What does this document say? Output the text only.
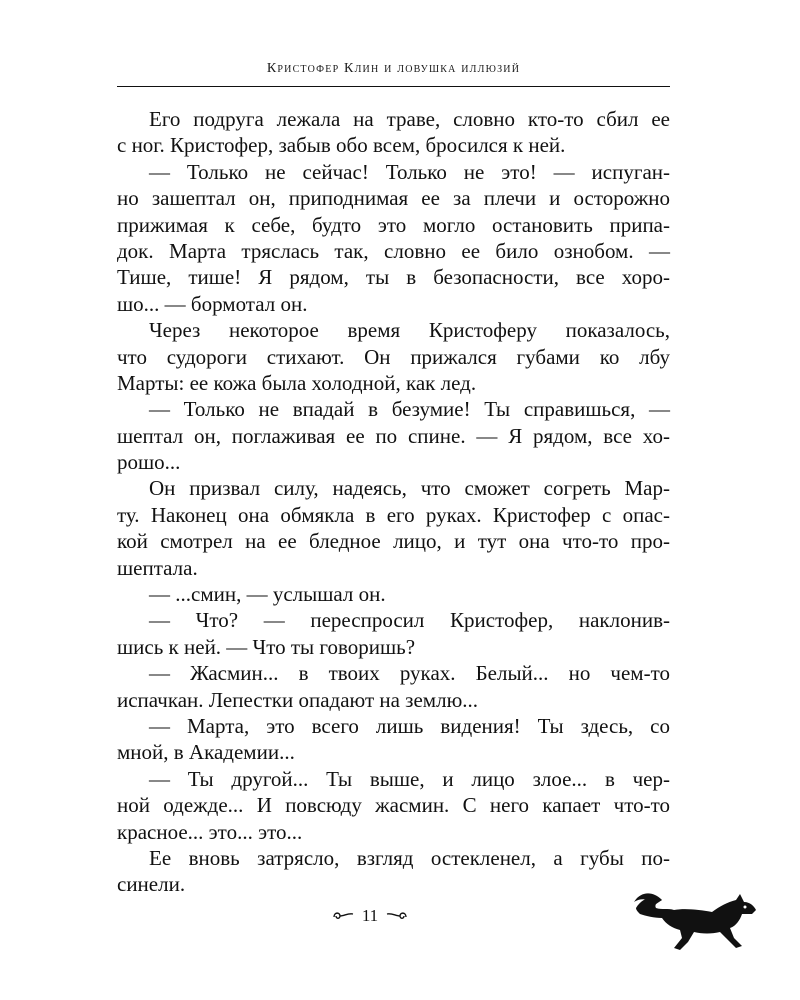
Кристофер Клин и ловушка иллюзий
Его подруга лежала на траве, словно кто-то сбил ее
с ног. Кристофер, забыв обо всем, бросился к ней.
— Только не сейчас! Только не это! — испуган-
но зашептал он, приподнимая ее за плечи и осторожно
прижимая к себе, будто это могло остановить припа-
док. Марта тряслась так, словно ее било ознобом. —
Тише, тише! Я рядом, ты в безопасности, все хоро-
шо... — бормотал он.
Через некоторое время Кристоферу показалось,
что судороги стихают. Он прижался губами ко лбу
Марты: ее кожа была холодной, как лед.
— Только не впадай в безумие! Ты справишься, —
шептал он, поглаживая ее по спине. — Я рядом, все хо-
рошо...
Он призвал силу, надеясь, что сможет согреть Мар-
ту. Наконец она обмякла в его руках. Кристофер с опас-
кой смотрел на ее бледное лицо, и тут она что-то про-
шептала.
— ...смин, — услышал он.
— Что? — переспросил Кристофер, наклонив-
шись к ней. — Что ты говоришь?
— Жасмин... в твоих руках. Белый... но чем-то
испачкан. Лепестки опадают на землю...
— Марта, это всего лишь видения! Ты здесь, со
мной, в Академии...
— Ты другой... Ты выше, и лицо злое... в чер-
ной одежде... И повсюду жасмин. С него капает что-то
красное... это... это...
Ее вновь затрясло, взгляд остекленел, а губы по-
синели.
11
